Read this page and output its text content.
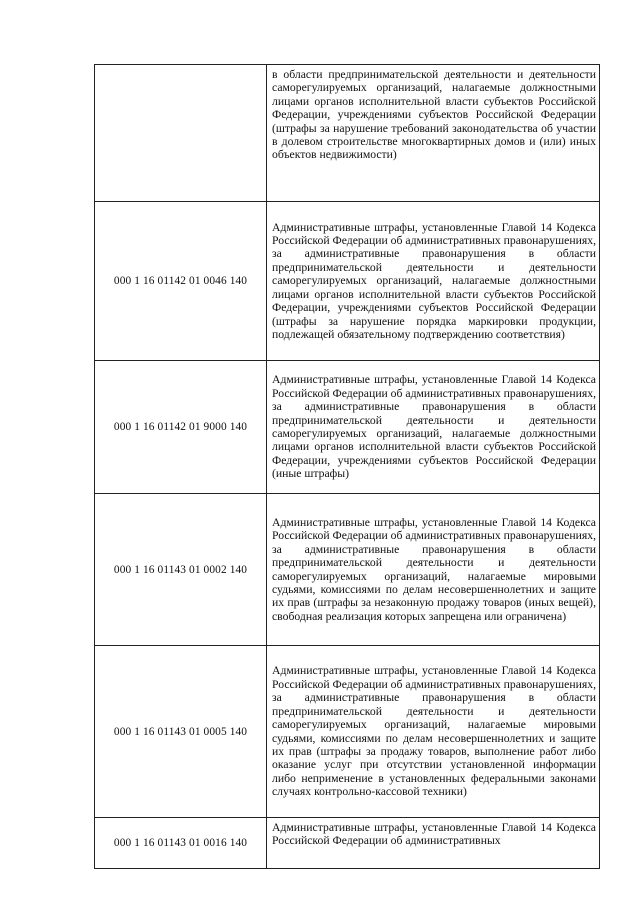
	в области предпринимательской деятельности и деятельности саморегулируемых организаций, налагаемые должностными лицами органов исполнительной власти субъектов Российской Федерации, учреждениями субъектов Российской Федерации (штрафы за нарушение требований законодательства об участии в долевом строительстве многоквартирных домов и (или) иных объектов недвижимости)
000 1 16 01142 01 0046 140	Административные штрафы, установленные Главой 14 Кодекса Российской Федерации об административных правонарушениях, за административные правонарушения в области предпринимательской деятельности и деятельности саморегулируемых организаций, налагаемые должностными лицами органов исполнительной власти субъектов Российской Федерации, учреждениями субъектов Российской Федерации (штрафы за нарушение порядка маркировки продукции, подлежащей обязательному подтверждению соответствия)
000 1 16 01142 01 9000 140	Административные штрафы, установленные Главой 14 Кодекса Российской Федерации об административных правонарушениях, за административные правонарушения в области предпринимательской деятельности и деятельности саморегулируемых организаций, налагаемые должностными лицами органов исполнительной власти субъектов Российской Федерации, учреждениями субъектов Российской Федерации (иные штрафы)
000 1 16 01143 01 0002 140	Административные штрафы, установленные Главой 14 Кодекса Российской Федерации об административных правонарушениях, за административные правонарушения в области предпринимательской деятельности и деятельности саморегулируемых организаций, налагаемые мировыми судьями, комиссиями по делам несовершеннолетних и защите их прав (штрафы за незаконную продажу товаров (иных вещей), свободная реализация которых запрещена или ограничена)
000 1 16 01143 01 0005 140	Административные штрафы, установленные Главой 14 Кодекса Российской Федерации об административных правонарушениях, за административные правонарушения в области предпринимательской деятельности и деятельности саморегулируемых организаций, налагаемые мировыми судьями, комиссиями по делам несовершеннолетних и защите их прав (штрафы за продажу товаров, выполнение работ либо оказание услуг при отсутствии установленной информации либо неприменение в установленных федеральными законами случаях контрольно-кассовой техники)
000 1 16 01143 01 0016 140	Административные штрафы, установленные Главой 14 Кодекса Российской Федерации об административных
